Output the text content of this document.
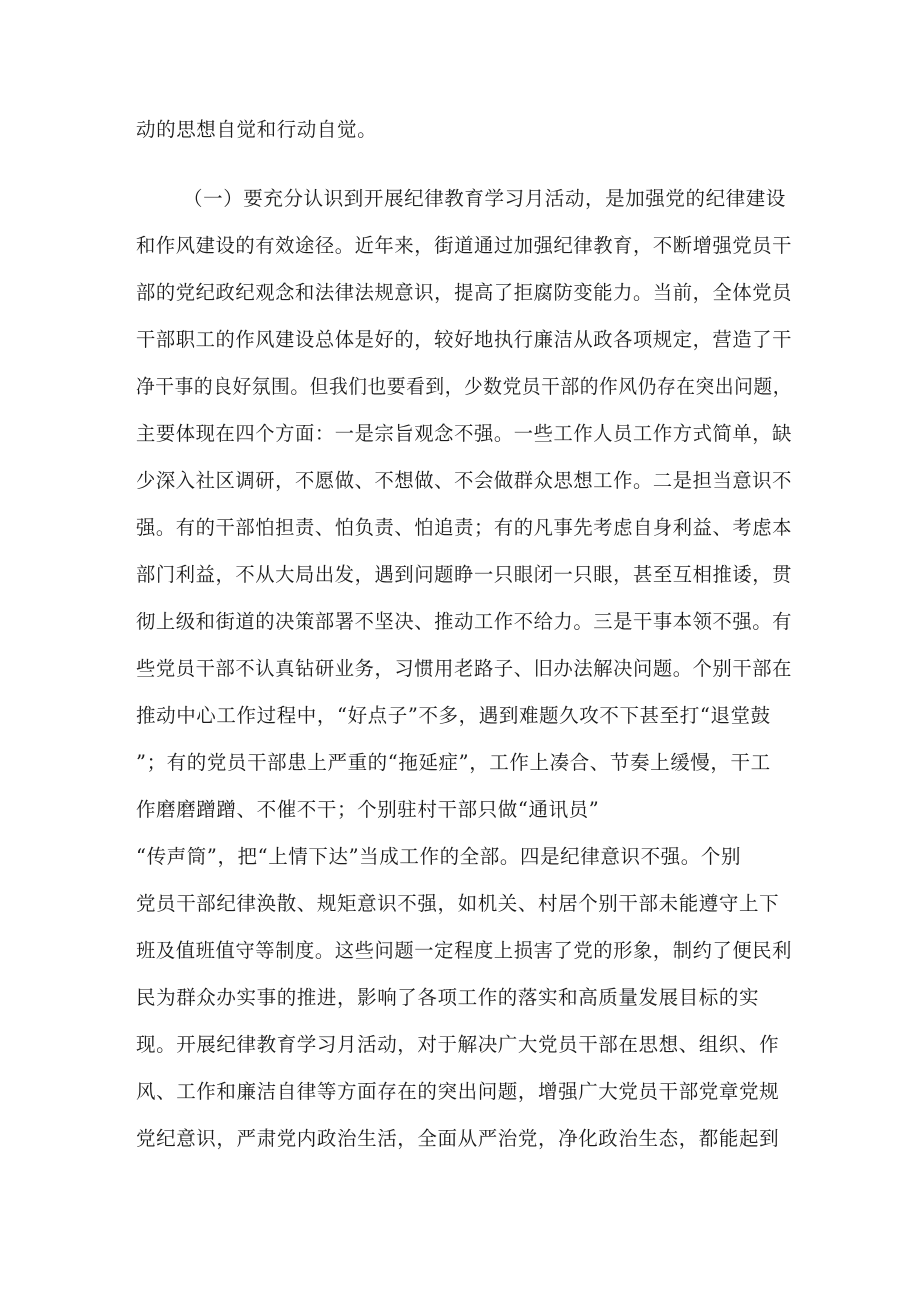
动的思想自觉和行动自觉。

（一）要充分认识到开展纪律教育学习月活动，是加强党的纪律建设

和作风建设的有效途径。近年来，街道通过加强纪律教育，不断增强党员干

部的党纪政纪观念和法律法规意识，提高了拒腐防变能力。当前，全体党员

干部职工的作风建设总体是好的，较好地执行廉洁从政各项规定，营造了干

净干事的良好氛围。但我们也要看到，少数党员干部的作风仍存在突出问题，

主要体现在四个方面：一是宗旨观念不强。一些工作人员工作方式简单，缺

少深入社区调研，不愿做、不想做、不会做群众思想工作。二是担当意识不

强。有的干部怕担责、怕负责、怕追责；有的凡事先考虑自身利益、考虑本

部门利益，不从大局出发，遇到问题睁一只眼闭一只眼，甚至互相推诿，贯

彻上级和街道的决策部署不坚决、推动工作不给力。三是干事本领不强。有

些党员干部不认真钻研业务，习惯用老路子、旧办法解决问题。个别干部在

推动中心工作过程中，“好点子”不多，遇到难题久攻不下甚至打“退堂鼓

”；有的党员干部患上严重的“拖延症”，工作上凑合、节奏上缓慢，干工

作磨磨蹭蹭、不催不干；个别驻村干部只做“通讯员”

“传声筒”，把“上情下达”当成工作的全部。四是纪律意识不强。个别

党员干部纪律涣散、规矩意识不强，如机关、村居个别干部未能遵守上下

班及值班值守等制度。这些问题一定程度上损害了党的形象，制约了便民利

民为群众办实事的推进，影响了各项工作的落实和高质量发展目标的实

现。开展纪律教育学习月活动，对于解决广大党员干部在思想、组织、作

风、工作和廉洁自律等方面存在的突出问题，增强广大党员干部党章党规

党纪意识，严肃党内政治生活，全面从严治党，净化政治生态，都能起到
